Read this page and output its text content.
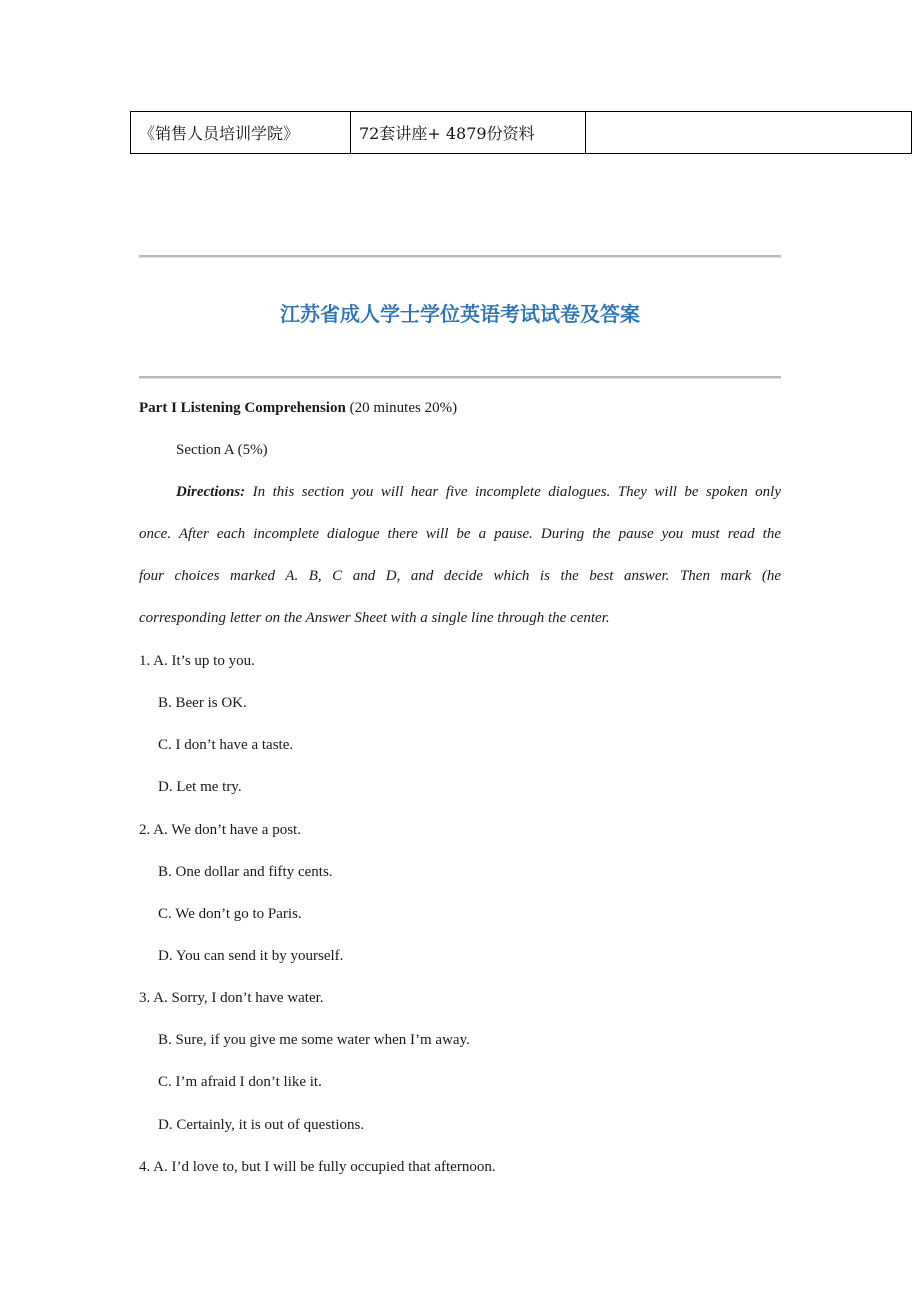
《销售人员培训学院》	72套讲座+ 4879份资料	
江苏省成人学士学位英语考试试卷及答案
Part I Listening Comprehension (20 minutes 20%)
Section A (5%)
Directions: In this section you will hear five incomplete dialogues. They will be spoken only
once. After each incomplete dialogue there will be a pause. During the pause you must read the
four choices marked A. B, C and D, and decide which is the best answer. Then mark (he
corresponding letter on the Answer Sheet with a single line through the center.
1. A. It’s up to you.
B. Beer is OK.
C. I don’t have a taste.
D. Let me try.
2. A. We don’t have a post.
B. One dollar and fifty cents.
C. We don’t go to Paris.
D. You can send it by yourself.
3. A. Sorry, I don’t have water.
B. Sure, if you give me some water when I’m away.
C. I’m afraid I don’t like it.
D. Certainly, it is out of questions.
4. A. I’d love to, but I will be fully occupied that afternoon.
